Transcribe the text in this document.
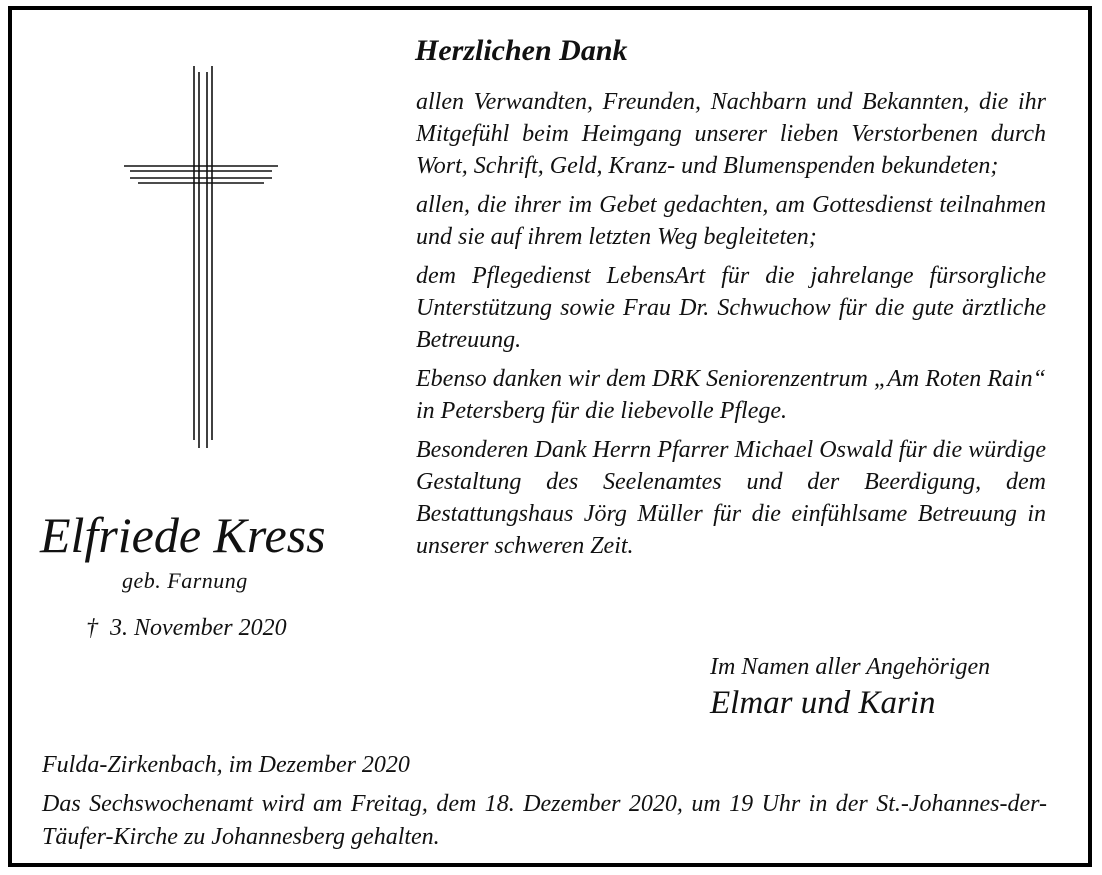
Elfriede Kress
geb. Farnung
† 3. November 2020
Herzlichen Dank

allen Verwandten, Freunden, Nachbarn und Bekannten, die ihr Mitgefühl beim Heimgang unserer lieben Verstorbenen durch Wort, Schrift, Geld, Kranz- und Blumenspenden bekundeten;

allen, die ihrer im Gebet gedachten, am Gottesdienst teilnahmen und sie auf ihrem letzten Weg begleiteten;

dem Pflegedienst LebensArt für die jahrelange fürsorgliche Unterstützung sowie Frau Dr. Schwuchow für die gute ärztliche Betreuung.

Ebenso danken wir dem DRK Seniorenzentrum „Am Roten Rain“ in Petersberg für die liebevolle Pflege.

Besonderen Dank Herrn Pfarrer Michael Oswald für die würdige Gestaltung des Seelenamtes und der Beerdigung, dem Bestattungshaus Jörg Müller für die einfühlsame Betreuung in unserer schweren Zeit.

Im Namen aller Angehörigen
Elmar und Karin
Fulda-Zirkenbach, im Dezember 2020

Das Sechswochenamt wird am Freitag, dem 18. Dezember 2020, um 19 Uhr in der St.-Johannes-der-Täufer-Kirche zu Johannesberg gehalten.
